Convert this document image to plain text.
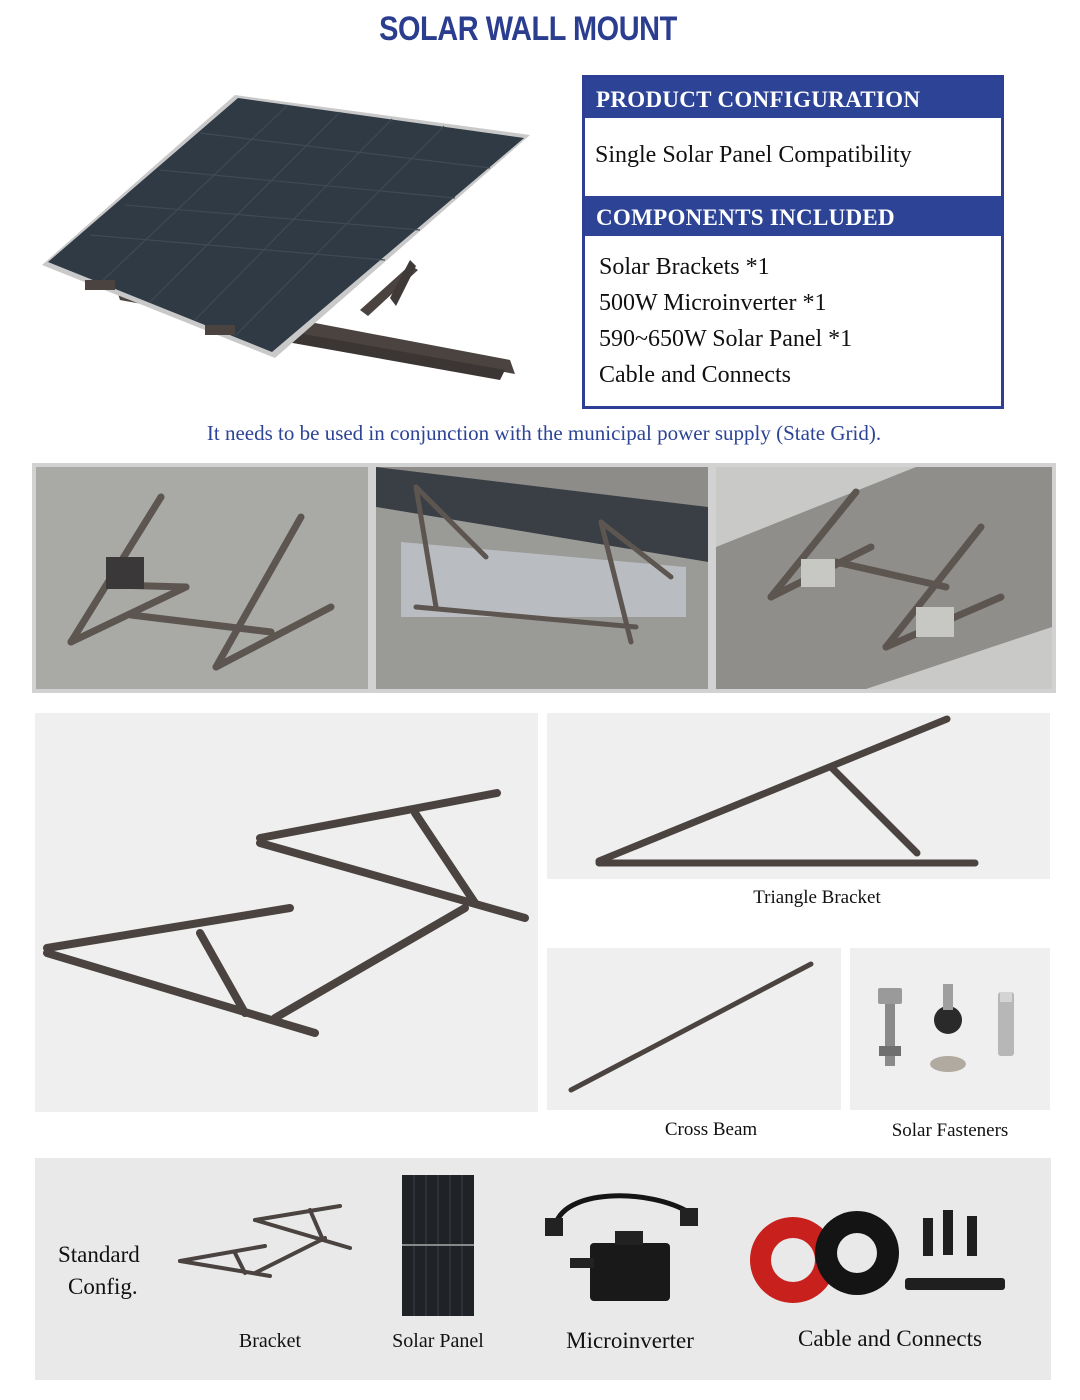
SOLAR WALL MOUNT
PRODUCT CONFIGURATION
Single Solar Panel Compatibility
COMPONENTS INCLUDED
Solar Brackets *1
500W Microinverter *1
590~650W Solar Panel *1
Cable and Connects
It needs to be used in conjunction with the municipal power supply (State Grid).
Triangle Bracket
Cross Beam	Solar Fasteners
Standard
Config.
Bracket	Solar Panel	Microinverter	Cable and Connects
